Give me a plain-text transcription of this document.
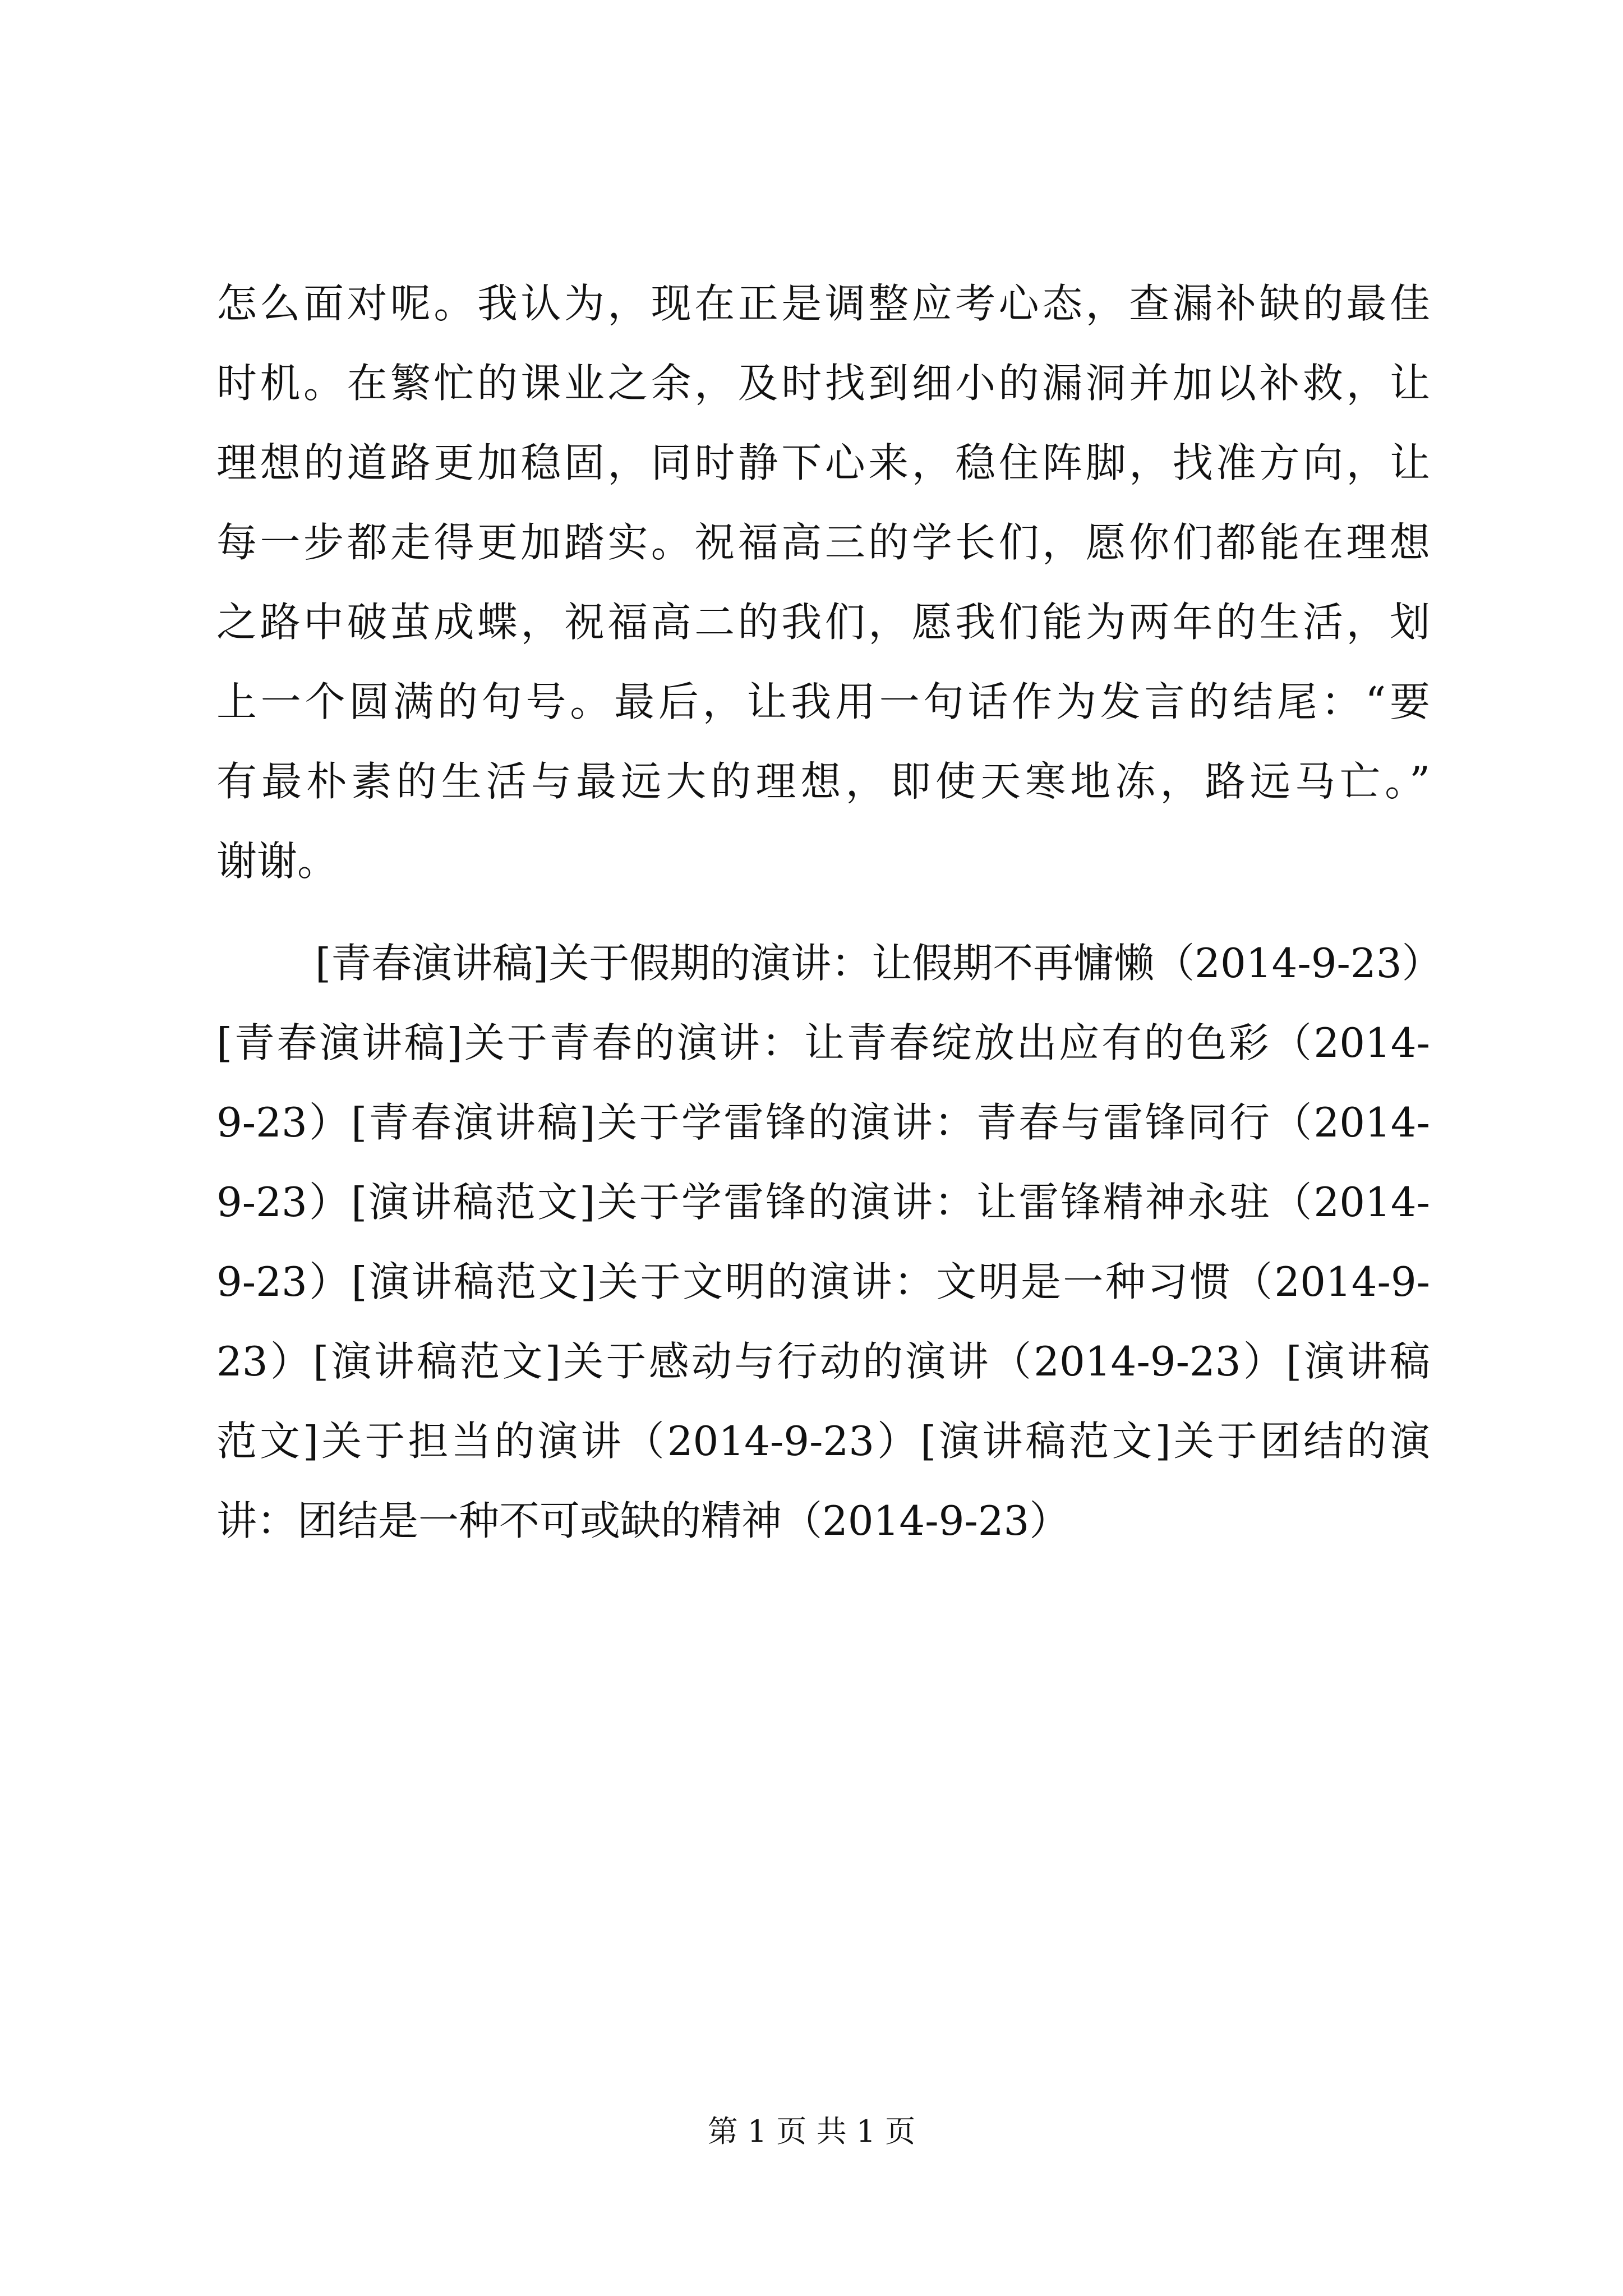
怎么面对呢。我认为，现在正是调整应考心态，查漏补缺的最佳
时机。在繁忙的课业之余，及时找到细小的漏洞并加以补救，让
理想的道路更加稳固，同时静下心来，稳住阵脚，找准方向，让
每一步都走得更加踏实。祝福高三的学长们，愿你们都能在理想
之路中破茧成蝶，祝福高二的我们，愿我们能为两年的生活，划
上一个圆满的句号。最后，让我用一句话作为发言的结尾：“要
有最朴素的生活与最远大的理想，即使天寒地冻，路远马亡。”
谢谢。
[青春演讲稿]关于假期的演讲：让假期不再慵懒（2014-9-23）
[青春演讲稿]关于青春的演讲：让青春绽放出应有的色彩（2014-
9-23）[青春演讲稿]关于学雷锋的演讲：青春与雷锋同行（2014-
9-23）[演讲稿范文]关于学雷锋的演讲：让雷锋精神永驻（2014-
9-23）[演讲稿范文]关于文明的演讲：文明是一种习惯（2014-9-
23）[演讲稿范文]关于感动与行动的演讲（2014-9-23）[演讲稿
范文]关于担当的演讲（2014-9-23）[演讲稿范文]关于团结的演
讲：团结是一种不可或缺的精神（2014-9-23）
第 1 页 共 1 页
